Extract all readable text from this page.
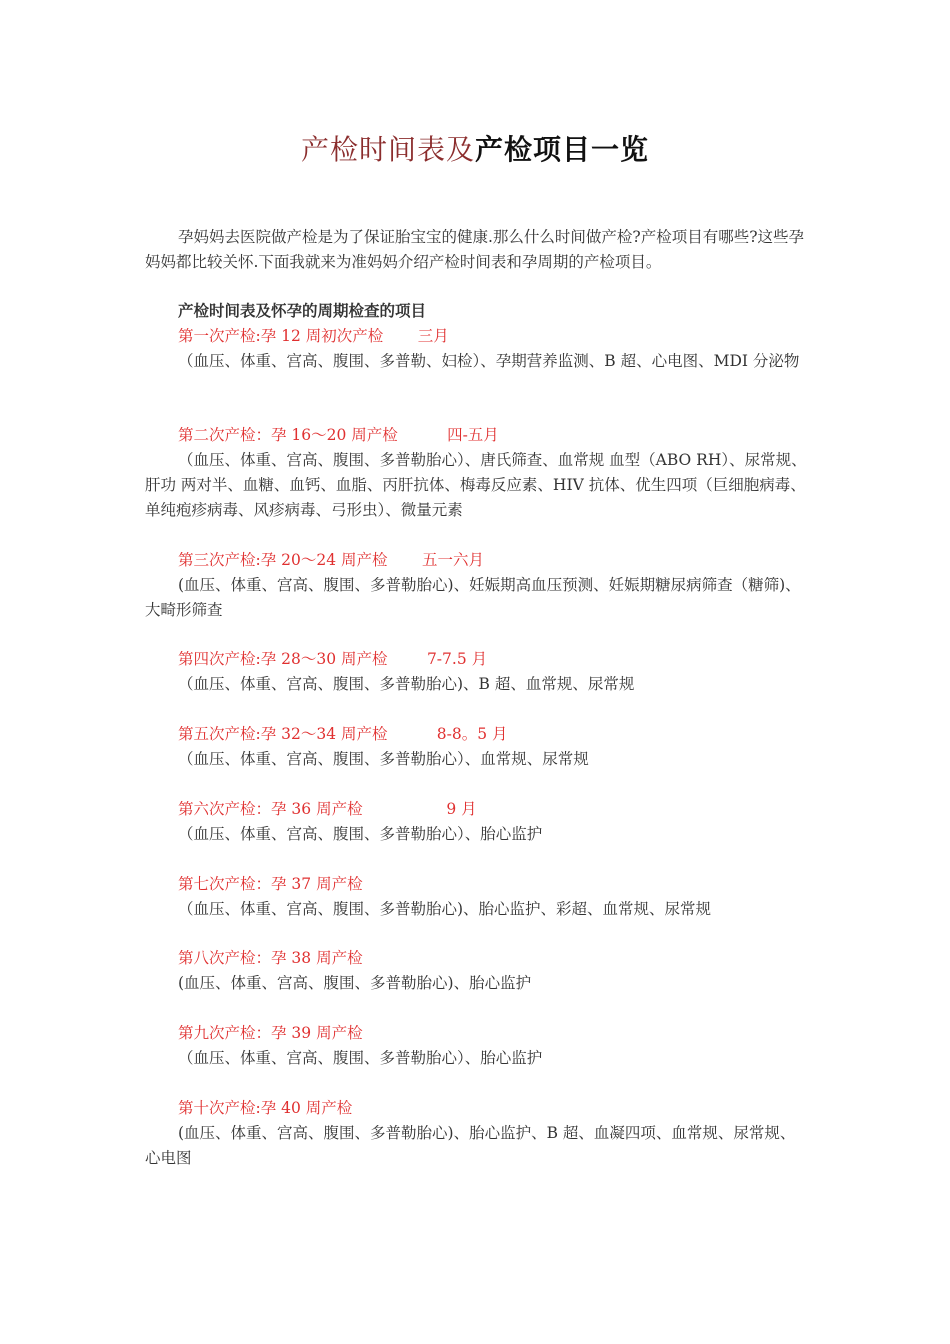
产检时间表及产检项目一览
孕妈妈去医院做产检是为了保证胎宝宝的健康.那么什么时间做产检?产检项目有哪些?这些孕妈妈都比较关怀.下面我就来为准妈妈介绍产检时间表和孕周期的产检项目。
产检时间表及怀孕的周期检查的项目
第一次产检:孕 12 周初次产检       三月
（血压、体重、宫高、腹围、多普勒、妇检）、孕期营养监测、B 超、心电图、MDI 分泌物
第二次产检：孕 16～20 周产检          四-五月
（血压、体重、宫高、腹围、多普勒胎心）、唐氏筛查、血常规 血型（ABO RH）、尿常规、 肝功 两对半、血糖、血钙、血脂、丙肝抗体、梅毒反应素、HIV 抗体、优生四项（巨细胞病毒、单纯疱疹病毒、风疹病毒、弓形虫）、微量元素
第三次产检:孕 20～24 周产检       五一六月
(血压、体重、宫高、腹围、多普勒胎心)、妊娠期高血压预测、妊娠期糖尿病筛查（糖筛)、大畸形筛查
第四次产检:孕 28～30 周产检        7-7.5 月
（血压、体重、宫高、腹围、多普勒胎心)、B 超、血常规、尿常规
第五次产检:孕 32～34 周产检          8-8。5 月
（血压、体重、宫高、腹围、多普勒胎心）、血常规、尿常规
第六次产检：孕 36 周产检                 9 月
（血压、体重、宫高、腹围、多普勒胎心）、胎心监护
第七次产检：孕 37 周产检
（血压、体重、宫高、腹围、多普勒胎心)、胎心监护、彩超、血常规、尿常规
第八次产检：孕 38 周产检
(血压、体重、宫高、腹围、多普勒胎心)、胎心监护
第九次产检：孕 39 周产检
（血压、体重、宫高、腹围、多普勒胎心）、胎心监护
第十次产检:孕 40 周产检
(血压、体重、宫高、腹围、多普勒胎心)、胎心监护、B 超、血凝四项、血常规、尿常规、心电图
